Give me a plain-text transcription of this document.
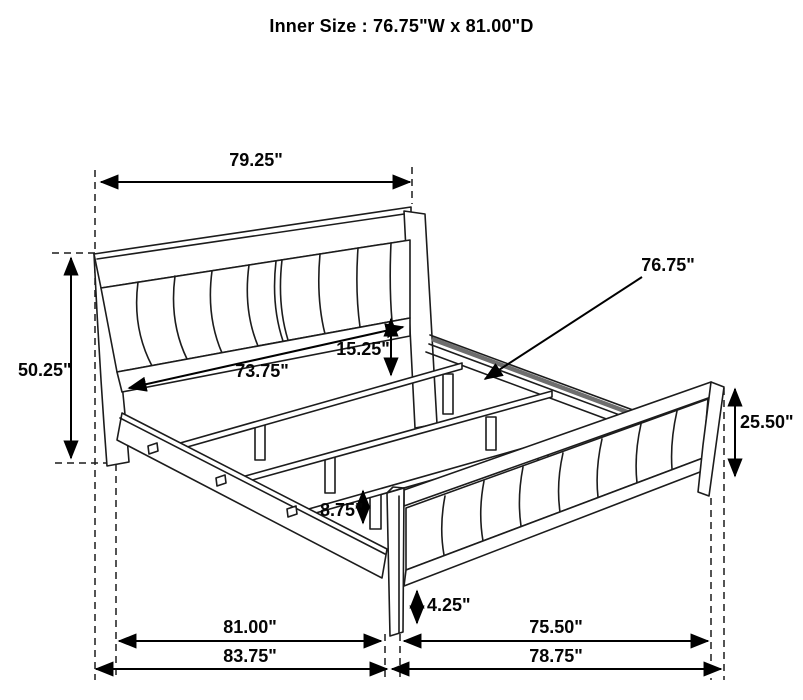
Inner Size : 76.75"W x 81.00"D
79.25"
50.25"	73.75"
15.25"
76.75"
25.50"
8.75"
4.25"
81.00"
83.75"
75.50"
78.75"
